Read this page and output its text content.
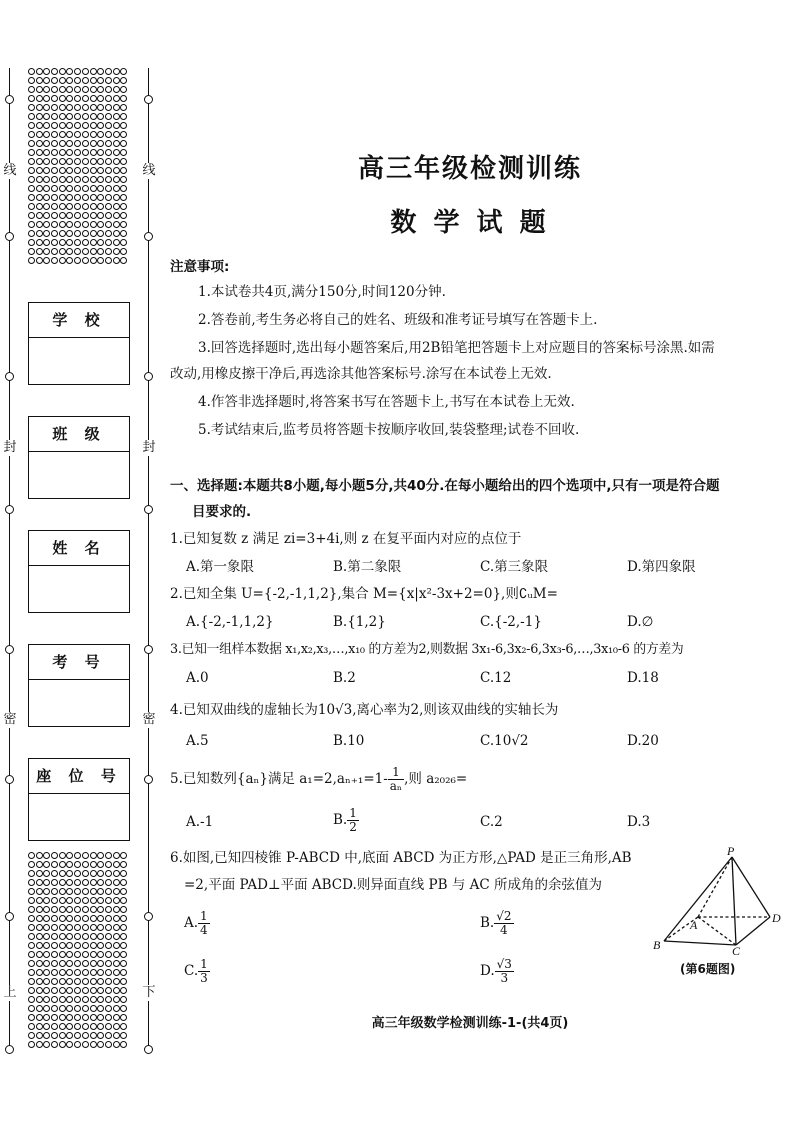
线
封
密
上
线
封
密
下
学 校
班 级
姓 名
考 号
座 位 号
高三年级检测训练
数 学 试 题
注意事项:
1.本试卷共4页,满分150分,时间120分钟.
2.答卷前,考生务必将自己的姓名、班级和准考证号填写在答题卡上.
3.回答选择题时,选出每小题答案后,用2B铅笔把答题卡上对应题目的答案标号涂黑.如需
改动,用橡皮擦干净后,再选涂其他答案标号.涂写在本试卷上无效.
4.作答非选择题时,将答案书写在答题卡上,书写在本试卷上无效.
5.考试结束后,监考员将答题卡按顺序收回,装袋整理;试卷不回收.
一、选择题:本题共8小题,每小题5分,共40分.在每小题给出的四个选项中,只有一项是符合题
目要求的.
1.已知复数 z 满足 zi=3+4i,则 z 在复平面内对应的点位于
A.第一象限	B.第二象限	C.第三象限	D.第四象限
2.已知全集 U={-2,-1,1,2},集合 M={x|x²-3x+2=0},则∁ᵤM=
A.{-2,-1,1,2}	B.{1,2}	C.{-2,-1}	D.∅
3.已知一组样本数据 x₁,x₂,x₃,…,x₁₀ 的方差为2,则数据 3x₁-6,3x₂-6,3x₃-6,…,3x₁₀-6 的方差为
A.0	B.2	C.12	D.18
4.已知双曲线的虚轴长为10√3,离心率为2,则该双曲线的实轴长为
A.5	B.10	C.10√2	D.20
5.已知数列{aₙ}满足 $a_1=2,a_{n+1}=1- \frac{1}{\text{aₙ}}$ ,则 a₂₀₂₆=
A.-1	B. $\frac{1}{2}$	C.2	D.3
6.如图,已知四棱锥 P-ABCD 中,底面 ABCD 为正方形,△PAD 是正三角形,AB
=2,平面 PAD⊥平面 ABCD.则异面直线 PB 与 AC 所成角的余弦值为
A. $\frac{1}{4}$	B. $\frac{√2}{4}$
C. $\frac{1}{3}$	D. $\frac{√3}{3}$
P
A
B	C
D
(第6题图)
高三年级数学检测训练-1-(共4页)
